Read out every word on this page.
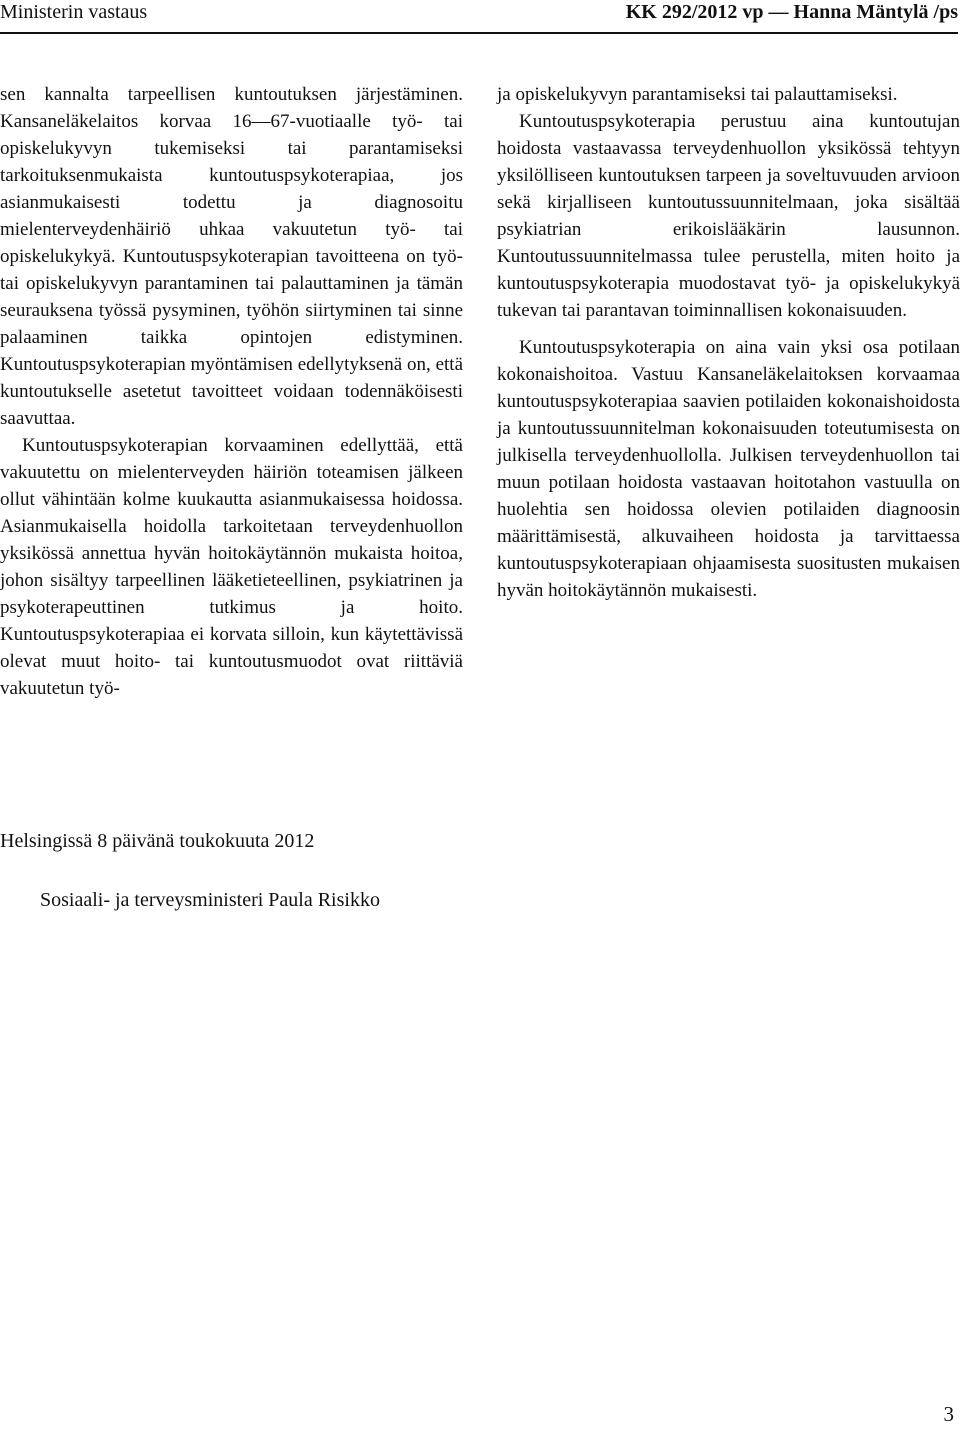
Ministerin vastaus	KK 292/2012 vp — Hanna Mäntylä /ps

sen kannalta tarpeellisen kuntoutuksen järjestäminen. Kansaneläkelaitos korvaa 16—67-vuotiaalle työ- tai opiskelukyvyn tukemiseksi tai parantamiseksi tarkoituksenmukaista kuntoutuspsykoterapiaa, jos asianmukaisesti todettu ja diagnosoitu mielenterveydenhäiriö uhkaa vakuutetun työ- tai opiskelukykyä. Kuntoutuspsykoterapian tavoitteena on työ- tai opiskelukyvyn parantaminen tai palauttaminen ja tämän seurauksena työssä pysyminen, työhön siirtyminen tai sinne palaaminen taikka opintojen edistyminen. Kuntoutuspsykoterapian myöntämisen edellytyksenä on, että kuntoutukselle asetetut tavoitteet voidaan todennäköisesti saavuttaa.

Kuntoutuspsykoterapian korvaaminen edellyttää, että vakuutettu on mielenterveyden häiriön toteamisen jälkeen ollut vähintään kolme kuukautta asianmukaisessa hoidossa. Asianmukaisella hoidolla tarkoitetaan terveydenhuollon yksikössä annettua hyvän hoitokäytännön mukaista hoitoa, johon sisältyy tarpeellinen lääketieteellinen, psykiatrinen ja psykoterapeuttinen tutkimus ja hoito. Kuntoutuspsykoterapiaa ei korvata silloin, kun käytettävissä olevat muut hoito- tai kuntoutusmuodot ovat riittäviä vakuutetun työ-

ja opiskelukyvyn parantamiseksi tai palauttamiseksi.

Kuntoutuspsykoterapia perustuu aina kuntoutujan hoidosta vastaavassa terveydenhuollon yksikössä tehtyyn yksilölliseen kuntoutuksen tarpeen ja soveltuvuuden arvioon sekä kirjalliseen kuntoutussuunnitelmaan, joka sisältää psykiatrian erikoislääkärin lausunnon. Kuntoutussuunnitelmassa tulee perustella, miten hoito ja kuntoutuspsykoterapia muodostavat työ- ja opiskelukykyä tukevan tai parantavan toiminnallisen kokonaisuuden.

Kuntoutuspsykoterapia on aina vain yksi osa potilaan kokonaishoitoa. Vastuu Kansaneläkelaitoksen korvaamaa kuntoutuspsykoterapiaa saavien potilaiden kokonaishoidosta ja kuntoutussuunnitelman kokonaisuuden toteutumisesta on julkisella terveydenhuollolla. Julkisen terveydenhuollon tai muun potilaan hoidosta vastaavan hoitotahon vastuulla on huolehtia sen hoidossa olevien potilaiden diagnoosin määrittämisestä, alkuvaiheen hoidosta ja tarvittaessa kuntoutuspsykoterapiaan ohjaamisesta suositusten mukaisen hyvän hoitokäytännön mukaisesti.

Helsingissä 8 päivänä toukokuuta 2012
Sosiaali- ja terveysministeri Paula Risikko
3
